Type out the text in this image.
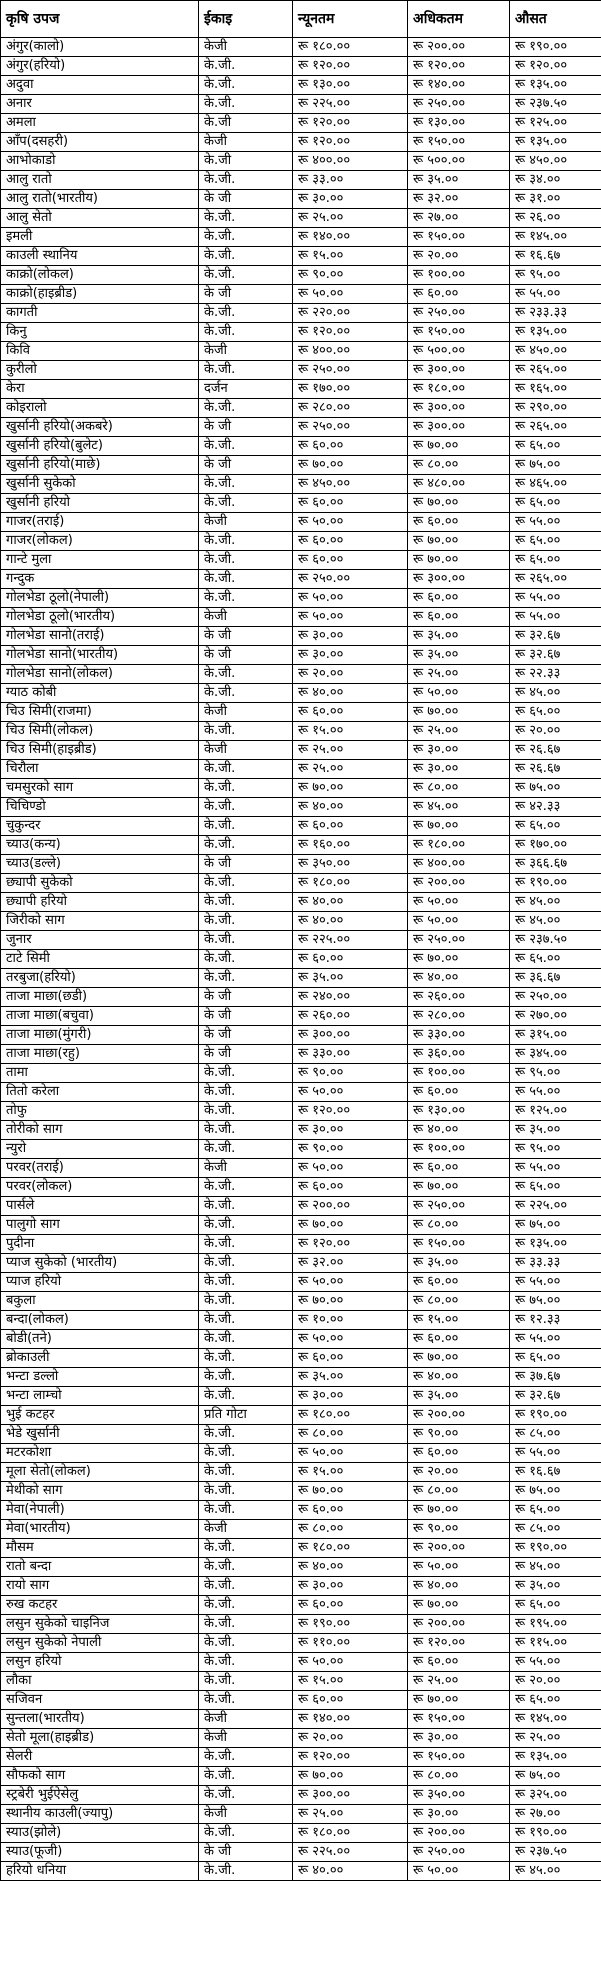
कृषि उपज	ईकाइ	न्यूनतम	अधिकतम	औसत
अंगुर(कालो)	केजी	रू १८०.००	रू २००.००	रू १९०.००
अंगुर(हरियो)	के.जी.	रू १२०.००	रू १२०.००	रू १२०.००
अदुवा	के.जी.	रू १३०.००	रू १४०.००	रू १३५.००
अनार	के.जी.	रू २२५.००	रू २५०.००	रू २३७.५०
अमला	के.जी	रू १२०.००	रू १३०.००	रू १२५.००
आँप(दसहरी)	केजी	रू १२०.००	रू १५०.००	रू १३५.००
आभोकाडो	के.जी	रू ४००.००	रू ५००.००	रू ४५०.००
आलु रातो	के.जी.	रू ३३.००	रू ३५.००	रू ३४.००
आलु रातो(भारतीय)	के जी	रू ३०.००	रू ३२.००	रू ३१.००
आलु सेतो	के.जी.	रू २५.००	रू २७.००	रू २६.००
इमली	के.जी.	रू १४०.००	रू १५०.००	रू १४५.००
काउली स्थानिय	के.जी.	रू १५.००	रू २०.००	रू १६.६७
काक्रो(लोकल)	के.जी.	रू ९०.००	रू १००.००	रू ९५.००
काक्रो(हाइब्रीड)	के जी	रू ५०.००	रू ६०.००	रू ५५.००
कागती	के.जी.	रू २२०.००	रू २५०.००	रू २३३.३३
किनु	के.जी.	रू १२०.००	रू १५०.००	रू १३५.००
किवि	केजी	रू ४००.००	रू ५००.००	रू ४५०.००
कुरीलो	के.जी.	रू २५०.००	रू ३००.००	रू २६५.००
केरा	दर्जन	रू १७०.००	रू १८०.००	रू १६५.००
कोइरालो	के.जी.	रू २८०.००	रू ३००.००	रू २९०.००
खुर्सानी हरियो(अकबरे)	के जी	रू २५०.००	रू ३००.००	रू २६५.००
खुर्सानी हरियो(बुलेट)	के.जी.	रू ६०.००	रू ७०.००	रू ६५.००
खुर्सानी हरियो(माछे)	के जी	रू ७०.००	रू ८०.००	रू ७५.००
खुर्सानी सुकेको	के.जी.	रू ४५०.००	रू ४८०.००	रू ४६५.००
खुर्सानी हरियो	के.जी.	रू ६०.००	रू ७०.००	रू ६५.००
गाजर(तराई)	केजी	रू ५०.००	रू ६०.००	रू ५५.००
गाजर(लोकल)	के.जी.	रू ६०.००	रू ७०.००	रू ६५.००
गान्टे मुला	के.जी.	रू ६०.००	रू ७०.००	रू ६५.००
गन्दुक	के.जी.	रू २५०.००	रू ३००.००	रू २६५.००
गोलभेडा ठूलो(नेपाली)	के.जी.	रू ५०.००	रू ६०.००	रू ५५.००
गोलभेडा ठूलो(भारतीय)	केजी	रू ५०.००	रू ६०.००	रू ५५.००
गोलभेडा सानो(तराई)	के जी	रू ३०.००	रू ३५.००	रू ३२.६७
गोलभेडा सानो(भारतीय)	के जी	रू ३०.००	रू ३५.००	रू ३२.६७
गोलभेडा सानो(लोकल)	के.जी.	रू २०.००	रू २५.००	रू २२.३३
ग्याठ कोबी	के.जी.	रू ४०.००	रू ५०.००	रू ४५.००
चिउ सिमी(राजमा)	केजी	रू ६०.००	रू ७०.००	रू ६५.००
चिउ सिमी(लोकल)	के.जी.	रू १५.००	रू २५.००	रू २०.००
चिउ सिमी(हाइब्रीड)	केजी	रू २५.००	रू ३०.००	रू २६.६७
चिरौला	के.जी.	रू २५.००	रू ३०.००	रू २६.६७
चमसुरको साग	के.जी.	रू ७०.००	रू ८०.००	रू ७५.००
चिचिण्डो	के.जी.	रू ४०.००	रू ४५.००	रू ४२.३३
चुकुन्दर	के.जी.	रू ६०.००	रू ७०.००	रू ६५.००
च्याउ(कन्य)	के.जी.	रू १६०.००	रू १८०.००	रू १७०.००
च्याउ(डल्ले)	के जी	रू ३५०.००	रू ४००.००	रू ३६६.६७
छ्यापी सुकेको	के.जी.	रू १८०.००	रू २००.००	रू १९०.००
छ्यापी हरियो	के.जी.	रू ४०.००	रू ५०.००	रू ४५.००
जिरीको साग	के.जी.	रू ४०.००	रू ५०.००	रू ४५.००
जुनार	के.जी.	रू २२५.००	रू २५०.००	रू २३७.५०
टाटे सिमी	के.जी.	रू ६०.००	रू ७०.००	रू ६५.००
तरबुजा(हरियो)	के.जी.	रू ३५.००	रू ४०.००	रू ३६.६७
ताजा माछा(छडी)	के जी	रू २४०.००	रू २६०.००	रू २५०.००
ताजा माछा(बचुवा)	के जी	रू २६०.००	रू २८०.००	रू २७०.००
ताजा माछा(मुंगरी)	के जी	रू ३००.००	रू ३३०.००	रू ३१५.००
ताजा माछा(रहु)	के जी	रू ३३०.००	रू ३६०.००	रू ३४५.००
तामा	के.जी.	रू ९०.००	रू १००.००	रू ९५.००
तितो करेला	के.जी.	रू ५०.००	रू ६०.००	रू ५५.००
तोफु	के.जी.	रू १२०.००	रू १३०.००	रू १२५.००
तोरीको साग	के.जी.	रू ३०.००	रू ४०.००	रू ३५.००
न्युरो	के.जी.	रू ९०.००	रू १००.००	रू ९५.००
परवर(तराई)	केजी	रू ५०.००	रू ६०.००	रू ५५.००
परवर(लोकल)	के.जी.	रू ६०.००	रू ७०.००	रू ६५.००
पार्सले	के.जी.	रू २००.००	रू २५०.००	रू २२५.००
पालुगो साग	के.जी.	रू ७०.००	रू ८०.००	रू ७५.००
पुदीना	के.जी.	रू १२०.००	रू १५०.००	रू १३५.००
प्याज सुकेको (भारतीय)	के.जी.	रू ३२.००	रू ३५.००	रू ३३.३३
प्याज हरियो	के.जी.	रू ५०.००	रू ६०.००	रू ५५.००
बकुला	के.जी.	रू ७०.००	रू ८०.००	रू ७५.००
बन्दा(लोकल)	के.जी.	रू १०.००	रू १५.००	रू १२.३३
बोडी(तने)	के.जी.	रू ५०.००	रू ६०.००	रू ५५.००
ब्रोकाउली	के.जी.	रू ६०.००	रू ७०.००	रू ६५.००
भन्टा डल्लो	के.जी.	रू ३५.००	रू ४०.००	रू ३७.६७
भन्टा लाम्चो	के.जी.	रू ३०.००	रू ३५.००	रू ३२.६७
भुई कटहर	प्रति गोटा	रू १८०.००	रू २००.००	रू १९०.००
भेडे खुर्सानी	के.जी.	रू ८०.००	रू ९०.००	रू ८५.००
मटरकोशा	के.जी.	रू ५०.००	रू ६०.००	रू ५५.००
मूला सेतो(लोकल)	के.जी.	रू १५.००	रू २०.००	रू १६.६७
मेथीको साग	के.जी.	रू ७०.००	रू ८०.००	रू ७५.००
मेवा(नेपाली)	के.जी.	रू ६०.००	रू ७०.००	रू ६५.००
मेवा(भारतीय)	केजी	रू ८०.००	रू ९०.००	रू ८५.००
मौसम	के.जी.	रू १८०.००	रू २००.००	रू १९०.००
रातो बन्दा	के.जी.	रू ४०.००	रू ५०.००	रू ४५.००
रायो साग	के.जी.	रू ३०.००	रू ४०.००	रू ३५.००
रुख कटहर	के.जी.	रू ६०.००	रू ७०.००	रू ६५.००
लसुन सुकेको चाइनिज	के.जी.	रू १९०.००	रू २००.००	रू १९५.००
लसुन सुकेको नेपाली	के.जी.	रू ११०.००	रू १२०.००	रू ११५.००
लसुन हरियो	के.जी.	रू ५०.००	रू ६०.००	रू ५५.००
लौका	के.जी.	रू १५.००	रू २५.००	रू २०.००
सजिवन	के.जी.	रू ६०.००	रू ७०.००	रू ६५.००
सुन्तला(भारतीय)	केजी	रू १४०.००	रू १५०.००	रू १४५.००
सेतो मूला(हाइब्रीड)	केजी	रू २०.००	रू ३०.००	रू २५.००
सेलरी	के.जी.	रू १२०.००	रू १५०.००	रू १३५.००
सौफको साग	के.जी.	रू ७०.००	रू ८०.००	रू ७५.००
स्ट्रबेरी भुईऐसेलु	के.जी.	रू ३००.००	रू ३५०.००	रू ३२५.००
स्थानीय काउली(ज्यापु)	केजी	रू २५.००	रू ३०.००	रू २७.००
स्याउ(झोले)	के.जी.	रू १८०.००	रू २००.००	रू १९०.००
स्याउ(फूजी)	के जी	रू २२५.००	रू २५०.००	रू २३७.५०
हरियो धनिया	के.जी.	रू ४०.००	रू ५०.००	रू ४५.००
